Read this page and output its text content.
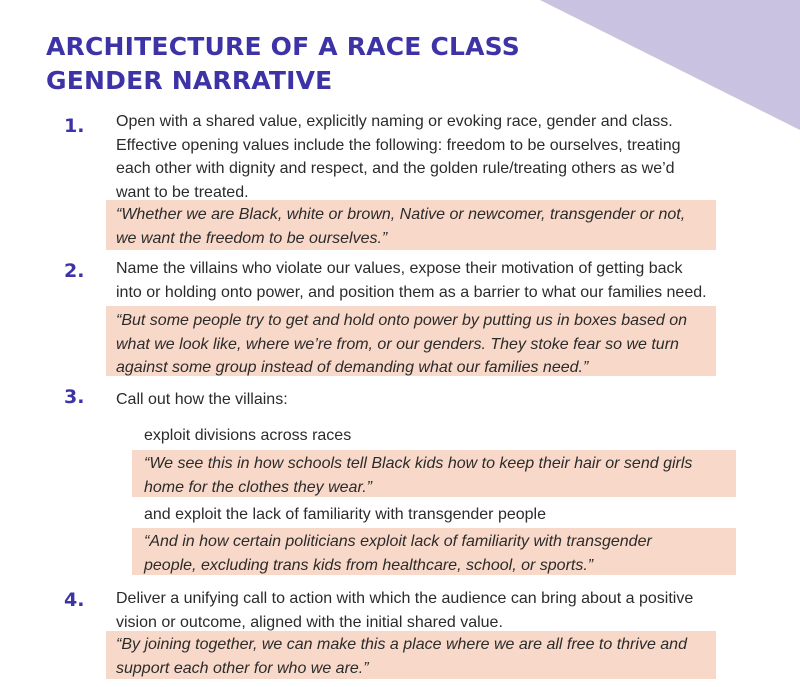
ARCHITECTURE OF A RACE CLASS
GENDER NARRATIVE
1. Open with a shared value, explicitly naming or evoking race, gender and class.
Effective opening values include the following: freedom to be ourselves, treating
each other with dignity and respect, and the golden rule/treating others as we’d
want to be treated.
“Whether we are Black, white or brown, Native or newcomer, transgender or not,
we want the freedom to be ourselves.”
2. Name the villains who violate our values, expose their motivation of getting back
into or holding onto power, and position them as a barrier to what our families need.
“But some people try to get and hold onto power by putting us in boxes based on
what we look like, where we’re from, or our genders. They stoke fear so we turn
against some group instead of demanding what our families need.”
3. Call out how the villains:
exploit divisions across races
“We see this in how schools tell Black kids how to keep their hair or send girls
home for the clothes they wear.”
and exploit the lack of familiarity with transgender people
“And in how certain politicians exploit lack of familiarity with transgender
people, excluding trans kids from healthcare, school, or sports.”
4. Deliver a unifying call to action with which the audience can bring about a positive
vision or outcome, aligned with the initial shared value.
“By joining together, we can make this a place where we are all free to thrive and
support each other for who we are.”
